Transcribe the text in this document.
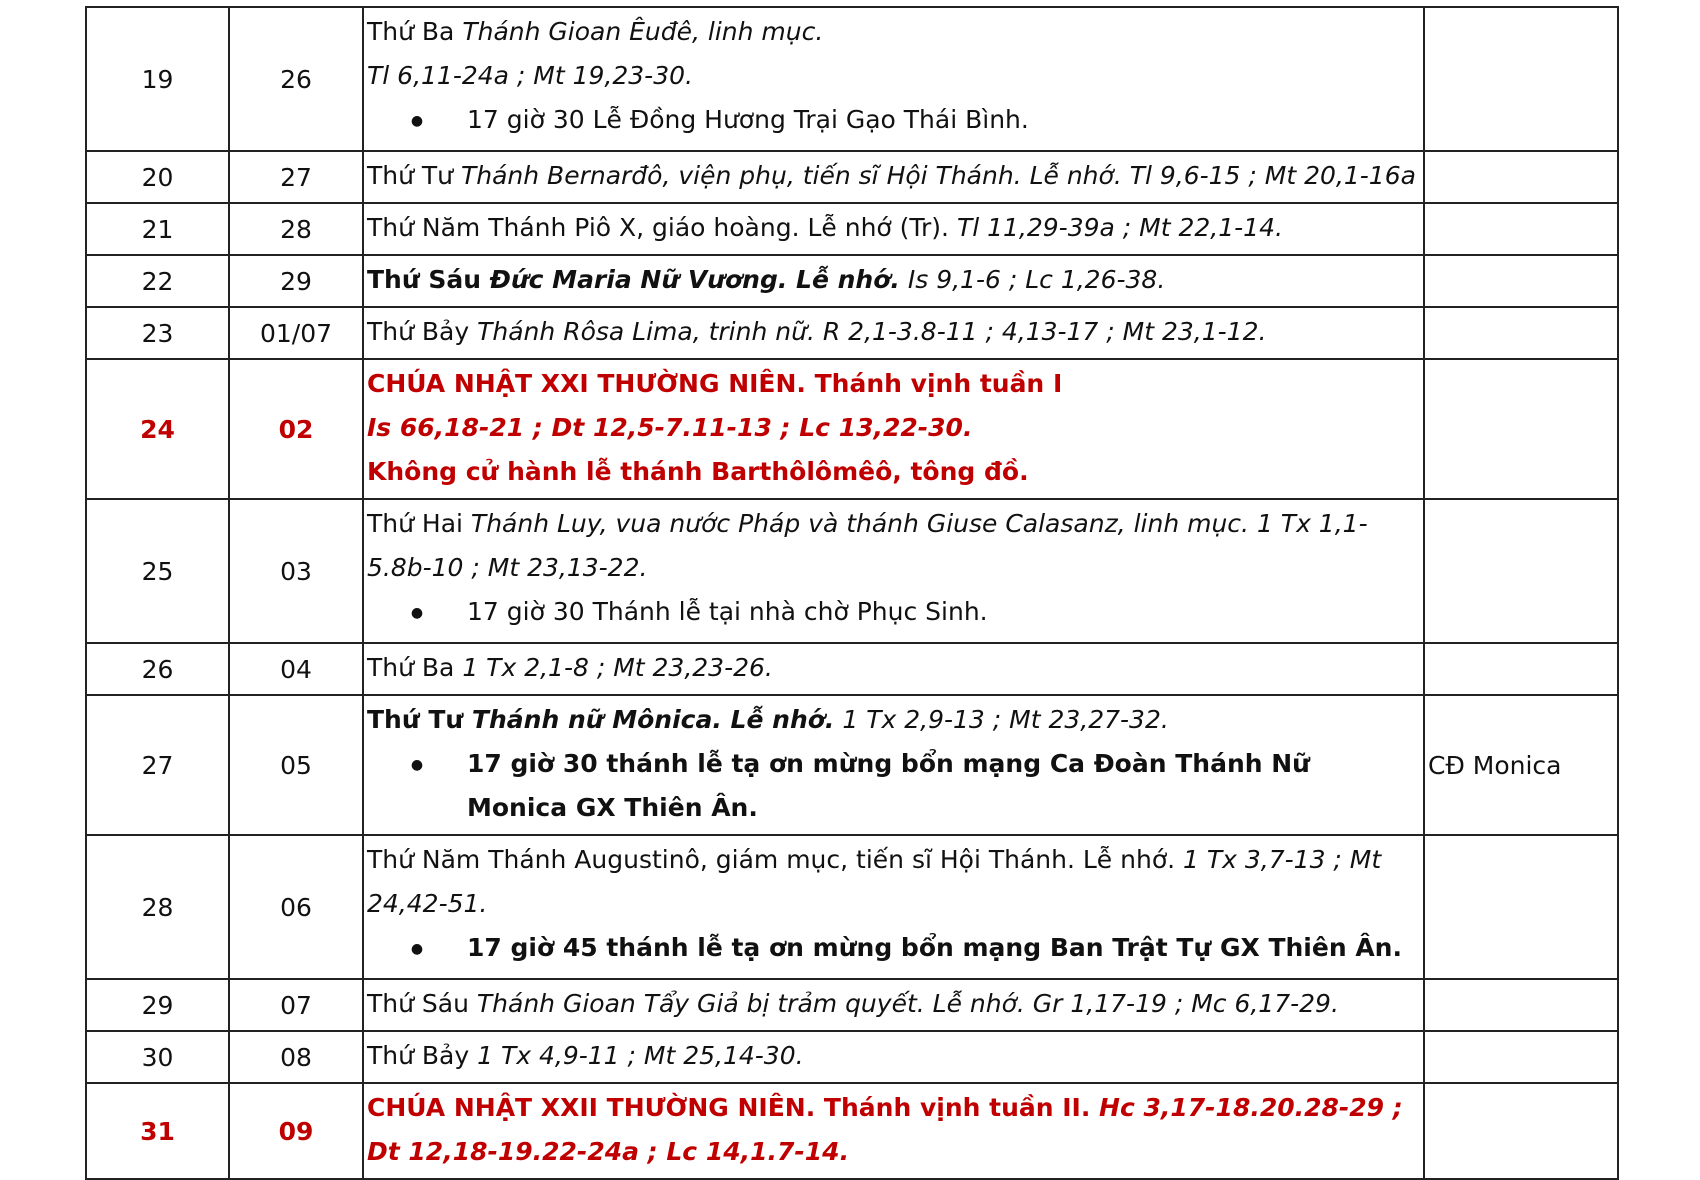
19	26	Thứ Ba Thánh Gioan Êuđê, linh mục.
Tl 6,11-24a ; Mt 19,23-30.
●
17 giờ 30 Lễ Đồng Hương Trại Gạo Thái Bình.

20	27	Thứ Tư Thánh Bernarđô, viện phụ, tiến sĩ Hội Thánh. Lễ nhớ. Tl 9,6-15 ; Mt 20,1-16a	

21	28	Thứ Năm Thánh Piô X, giáo hoàng. Lễ nhớ (Tr). Tl 11,29-39a ; Mt 22,1-14.	

22	29	Thứ Sáu Đức Maria Nữ Vương. Lễ nhớ. Is 9,1-6 ; Lc 1,26-38.	

23	01/07	Thứ Bảy Thánh Rôsa Lima, trinh nữ. R 2,1-3.8-11 ; 4,13-17 ; Mt 23,1-12.	

24	02	CHÚA NHẬT XXI THƯỜNG NIÊN. Thánh vịnh tuần I
Is 66,18-21 ; Dt 12,5-7.11-13 ; Lc 13,22-30.
Không cử hành lễ thánh Barthôlômêô, tông đồ.	

25	03	Thứ Hai Thánh Luy, vua nước Pháp và thánh Giuse Calasanz, linh mục. 1 Tx 1,1-5.8b-10 ; Mt 23,13-22.
●
17 giờ 30 Thánh lễ tại nhà chờ Phục Sinh.

26	04	Thứ Ba 1 Tx 2,1-8 ; Mt 23,23-26.	

27	05	Thứ Tư Thánh nữ Mônica. Lễ nhớ. 1 Tx 2,9-13 ; Mt 23,27-32.
●
17 giờ 30 thánh lễ tạ ơn mừng bổn mạng Ca Đoàn Thánh Nữ Monica GX Thiên Ân.	CĐ Monica
28	06	Thứ Năm Thánh Augustinô, giám mục, tiến sĩ Hội Thánh. Lễ nhớ. 1 Tx 3,7-13 ; Mt 24,42-51.
●
17 giờ 45 thánh lễ tạ ơn mừng bổn mạng Ban Trật Tự GX Thiên Ân.

29	07	Thứ Sáu Thánh Gioan Tẩy Giả bị trảm quyết. Lễ nhớ. Gr 1,17-19 ; Mc 6,17-29.	

30	08	Thứ Bảy 1 Tx 4,9-11 ; Mt 25,14-30.	

31	09	CHÚA NHẬT XXII THƯỜNG NIÊN. Thánh vịnh tuần II. Hc 3,17-18.20.28-29 ; Dt 12,18-19.22-24a ; Lc 14,1.7-14.	
